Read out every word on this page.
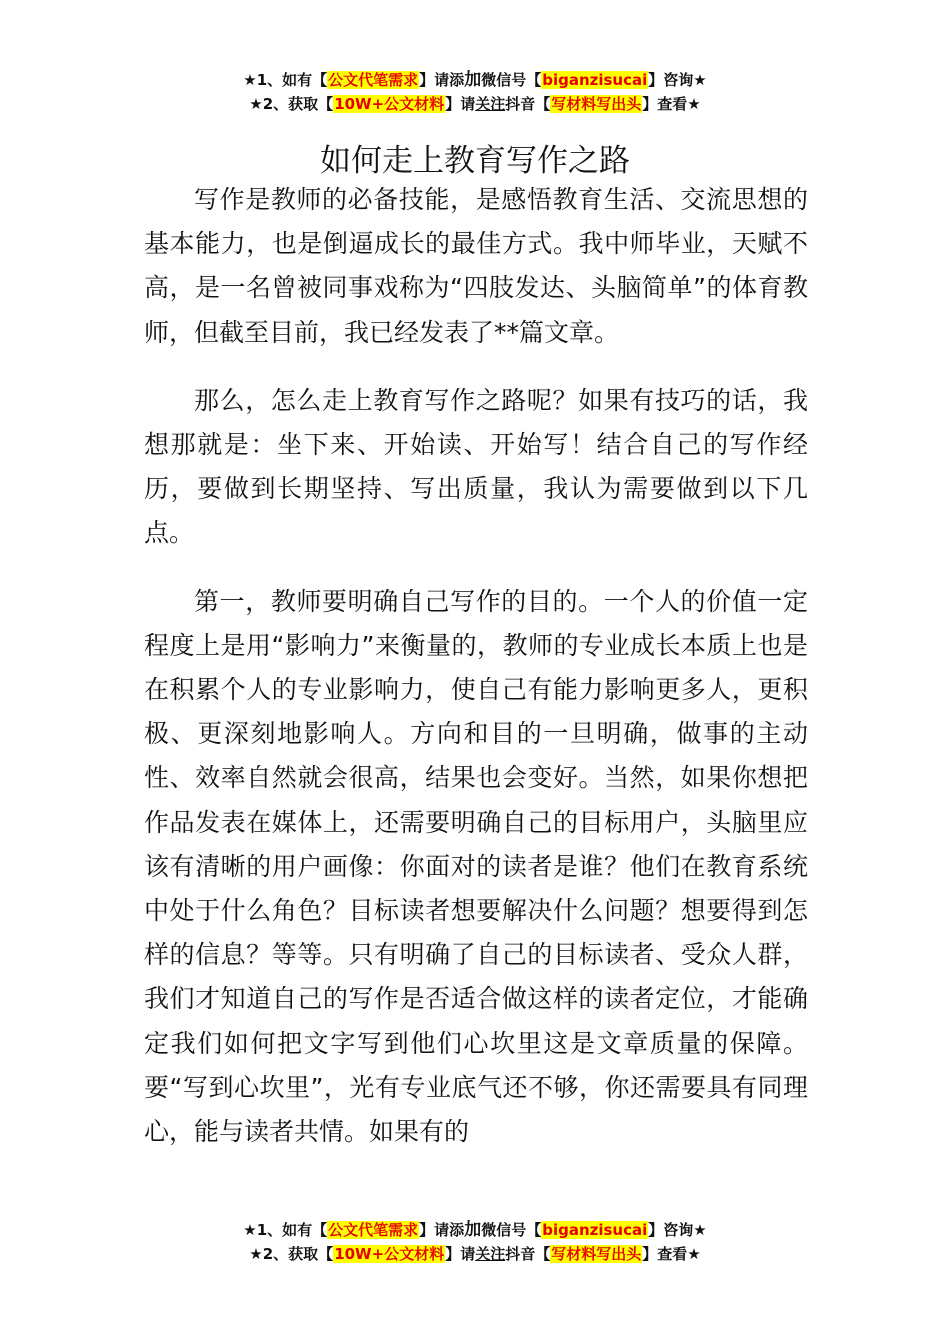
★1、如有【公文代笔需求】请添加微信号【biganzisucai】咨询★
★2、获取【10W+公文材料】请关注抖音【写材料写出头】查看★
如何走上教育写作之路

写作是教师的必备技能，是感悟教育生活、交流思想的基本能力，也是倒逼成长的最佳方式。我中师毕业，天赋不高，是一名曾被同事戏称为“四肢发达、头脑简单”的体育教师，但截至目前，我已经发表了**篇文章。

那么，怎么走上教育写作之路呢？如果有技巧的话，我想那就是：坐下来、开始读、开始写！结合自己的写作经历，要做到长期坚持、写出质量，我认为需要做到以下几点。

第一，教师要明确自己写作的目的。一个人的价值一定程度上是用“影响力”来衡量的，教师的专业成长本质上也是在积累个人的专业影响力，使自己有能力影响更多人，更积极、更深刻地影响人。方向和目的一旦明确，做事的主动性、效率自然就会很高，结果也会变好。当然，如果你想把作品发表在媒体上，还需要明确自己的目标用户，头脑里应该有清晰的用户画像：你面对的读者是谁？他们在教育系统中处于什么角色？目标读者想要解决什么问题？想要得到怎样的信息？等等。只有明确了自己的目标读者、受众人群，我们才知道自己的写作是否适合做这样的读者定位，才能确定我们如何把文字写到他们心坎里这是文章质量的保障。要“写到心坎里”，光有专业底气还不够，你还需要具有同理心，能与读者共情。如果有的

★1、如有【公文代笔需求】请添加微信号【biganzisucai】咨询★
★2、获取【10W+公文材料】请关注抖音【写材料写出头】查看★
